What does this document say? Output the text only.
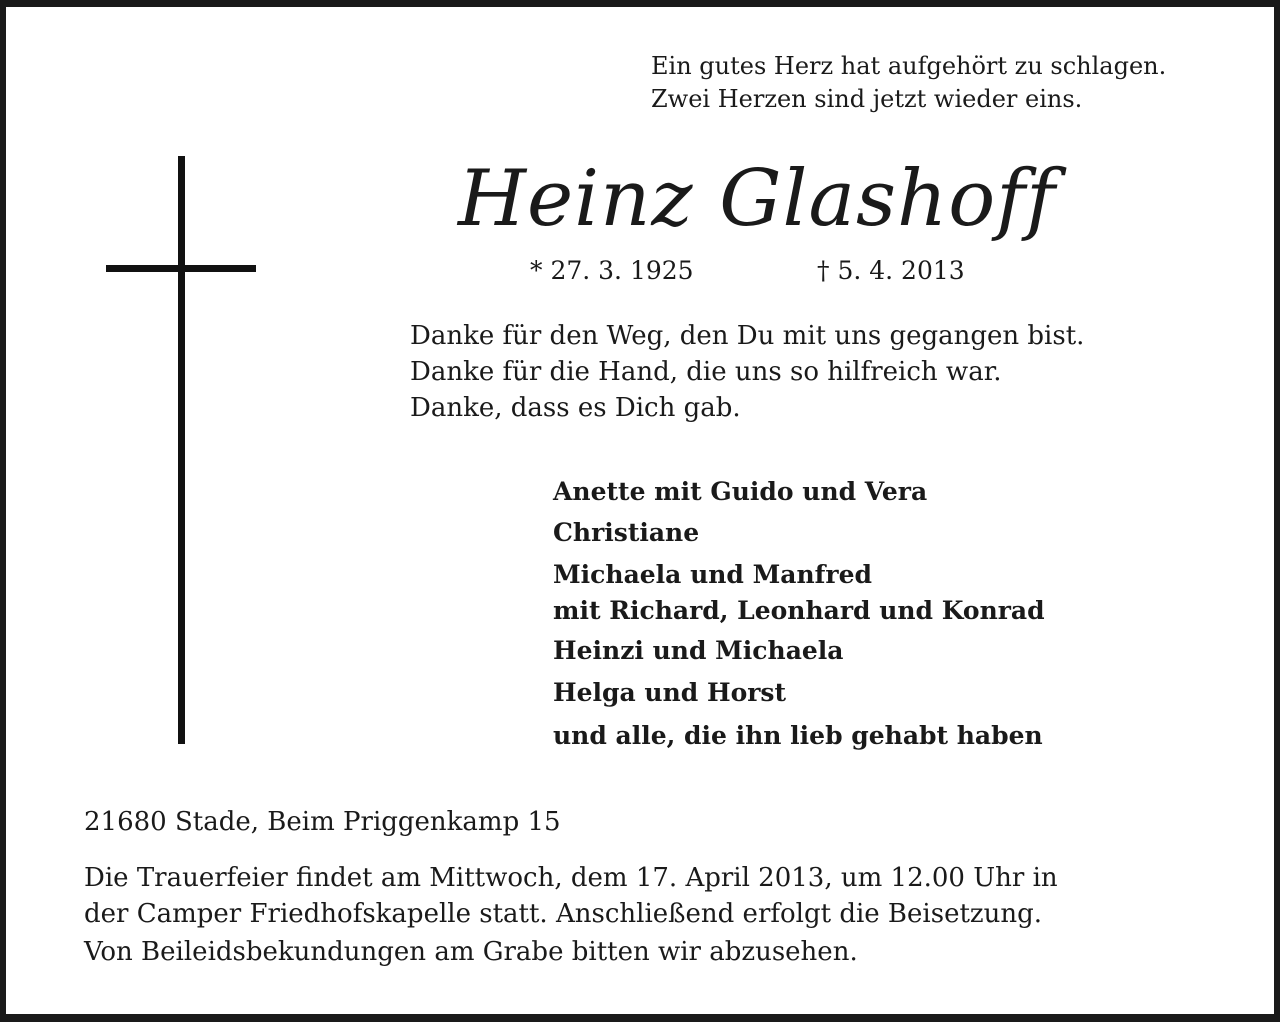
Ein gutes Herz hat aufgehört zu schlagen.
Zwei Herzen sind jetzt wieder eins.
Heinz Glashoff
* 27. 3. 1925	† 5. 4. 2013
Danke für den Weg, den Du mit uns gegangen bist.
Danke für die Hand, die uns so hilfreich war.
Danke, dass es Dich gab.
Anette mit Guido und Vera
Christiane
Michaela und Manfred
mit Richard, Leonhard und Konrad
Heinzi und Michaela
Helga und Horst
und alle, die ihn lieb gehabt haben
21680 Stade, Beim Priggenkamp 15
Die Trauerfeier findet am Mittwoch, dem 17. April 2013, um 12.00 Uhr in
der Camper Friedhofskapelle statt. Anschließend erfolgt die Beisetzung.
Von Beileidsbekundungen am Grabe bitten wir abzusehen.
